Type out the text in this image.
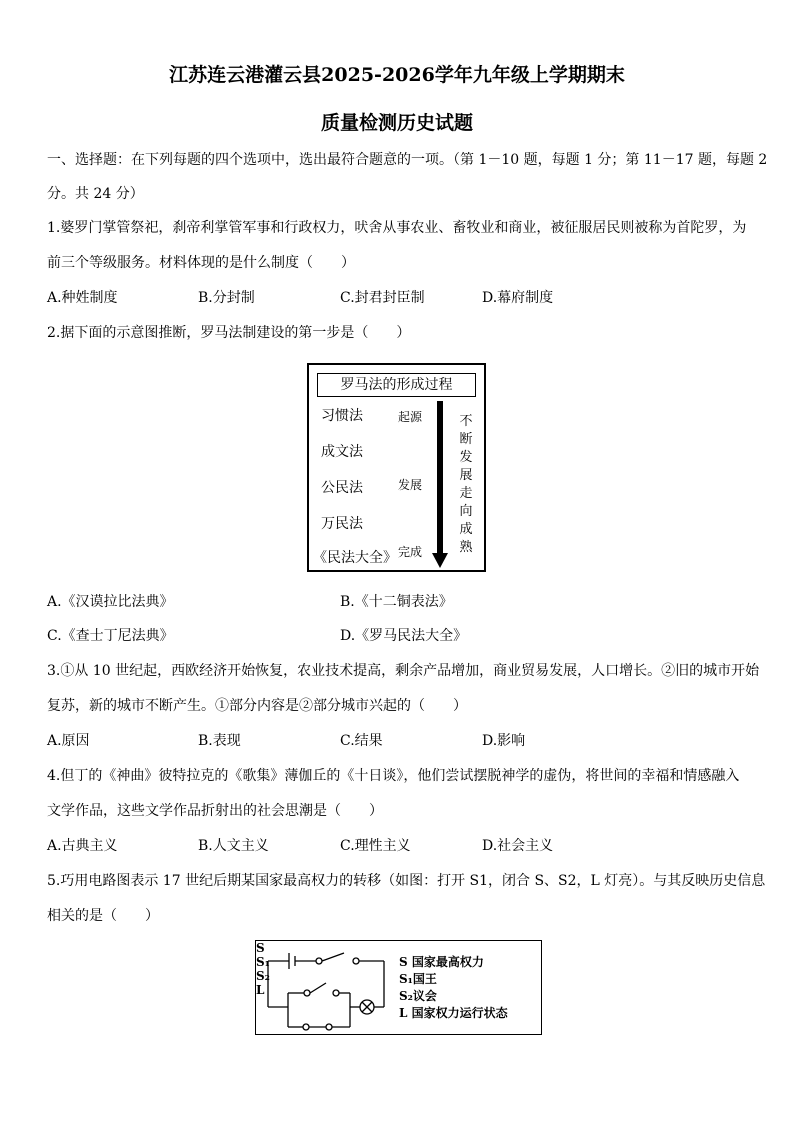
江苏连云港灌云县2025-2026学年九年级上学期期末
质量检测历史试题
一、选择题：在下列每题的四个选项中，选出最符合题意的一项。（第 1－10 题，每题 1 分；第 11－17 题，每题 2
分。共 24 分）
1.婆罗门掌管祭祀，刹帝利掌管军事和行政权力，吠舍从事农业、畜牧业和商业，被征服居民则被称为首陀罗，为
前三个等级服务。材料体现的是什么制度（　　）
A.种姓制度	B.分封制	C.封君封臣制	D.幕府制度
2.据下面的示意图推断，罗马法制建设的第一步是（　　）
罗马法的形成过程
习惯法
成文法
公民法
万民法
《民法大全》
起源
发展
完成
不断发展走向成熟
A.《汉谟拉比法典》	B.《十二铜表法》
C.《查士丁尼法典》	D.《罗马民法大全》
3.①从 10 世纪起，西欧经济开始恢复，农业技术提高，剩余产品增加，商业贸易发展，人口增长。②旧的城市开始
复苏，新的城市不断产生。①部分内容是②部分城市兴起的（　　）
A.原因	B.表现	C.结果	D.影响
4.但丁的《神曲》彼特拉克的《歌集》薄伽丘的《十日谈》，他们尝试摆脱神学的虚伪，将世间的幸福和情感融入
文学作品，这些文学作品折射出的社会思潮是（　　）
A.古典主义	B.人文主义	C.理性主义	D.社会主义
5.巧用电路图表示 17 世纪后期某国家最高权力的转移（如图：打开 S1，闭合 S、S2，L 灯亮）。与其反映历史信息
相关的是（　　）
S
S₁
S₂
L
S 国家最高权力
S₁国王
S₂议会
L 国家权力运行状态
